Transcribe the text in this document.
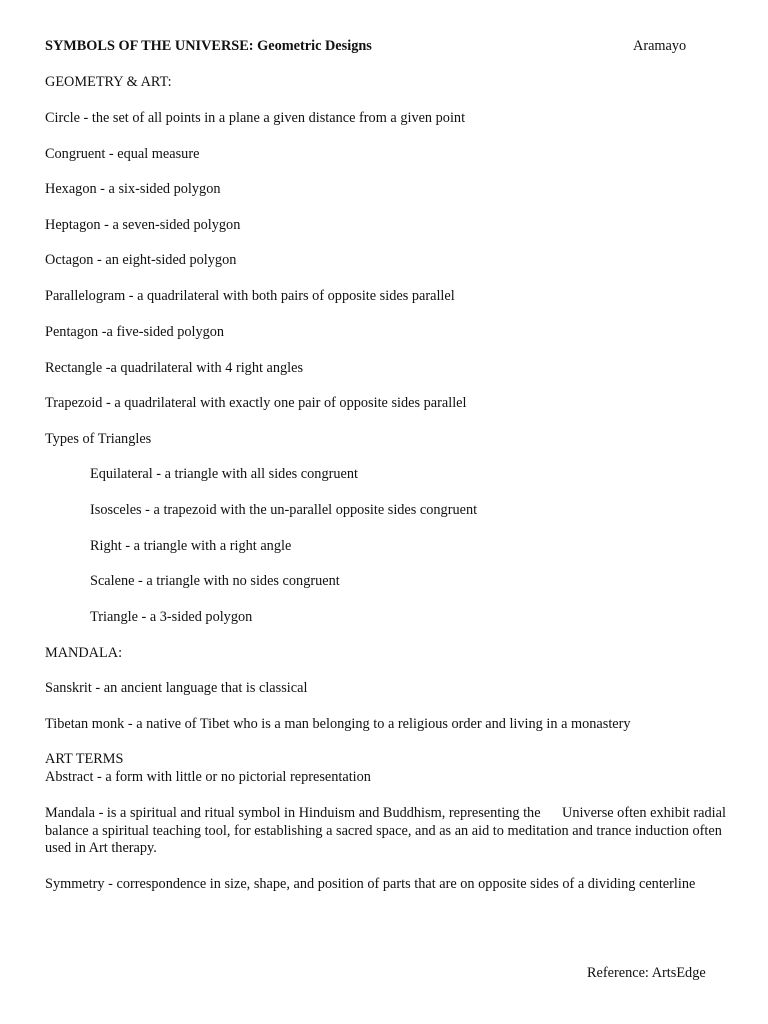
SYMBOLS OF THE UNIVERSE: Geometric Designs	Aramayo
GEOMETRY & ART:
Circle - the set of all points in a plane a given distance from a given point
Congruent - equal measure
Hexagon - a six-sided polygon
Heptagon - a seven-sided polygon
Octagon - an eight-sided polygon
Parallelogram - a quadrilateral with both pairs of opposite sides parallel
Pentagon -a five-sided polygon
Rectangle -a quadrilateral with 4 right angles
Trapezoid - a quadrilateral with exactly one pair of opposite sides parallel
Types of Triangles
Equilateral - a triangle with all sides congruent
Isosceles - a trapezoid with the un-parallel opposite sides congruent
Right - a triangle with a right angle
Scalene - a triangle with no sides congruent
Triangle - a 3-sided polygon
MANDALA:
Sanskrit - an ancient language that is classical
Tibetan monk - a native of Tibet who is a man belonging to a religious order and living in a monastery
ART TERMS
Abstract - a form with little or no pictorial representation
Mandala - is a spiritual and ritual symbol in Hinduism and Buddhism, representing the      Universe often exhibit radial balance a spiritual teaching tool, for establishing a sacred space, and as an aid to meditation and trance induction often used in Art therapy.
Symmetry - correspondence in size, shape, and position of parts that are on opposite sides of a dividing centerline
Reference: ArtsEdge
